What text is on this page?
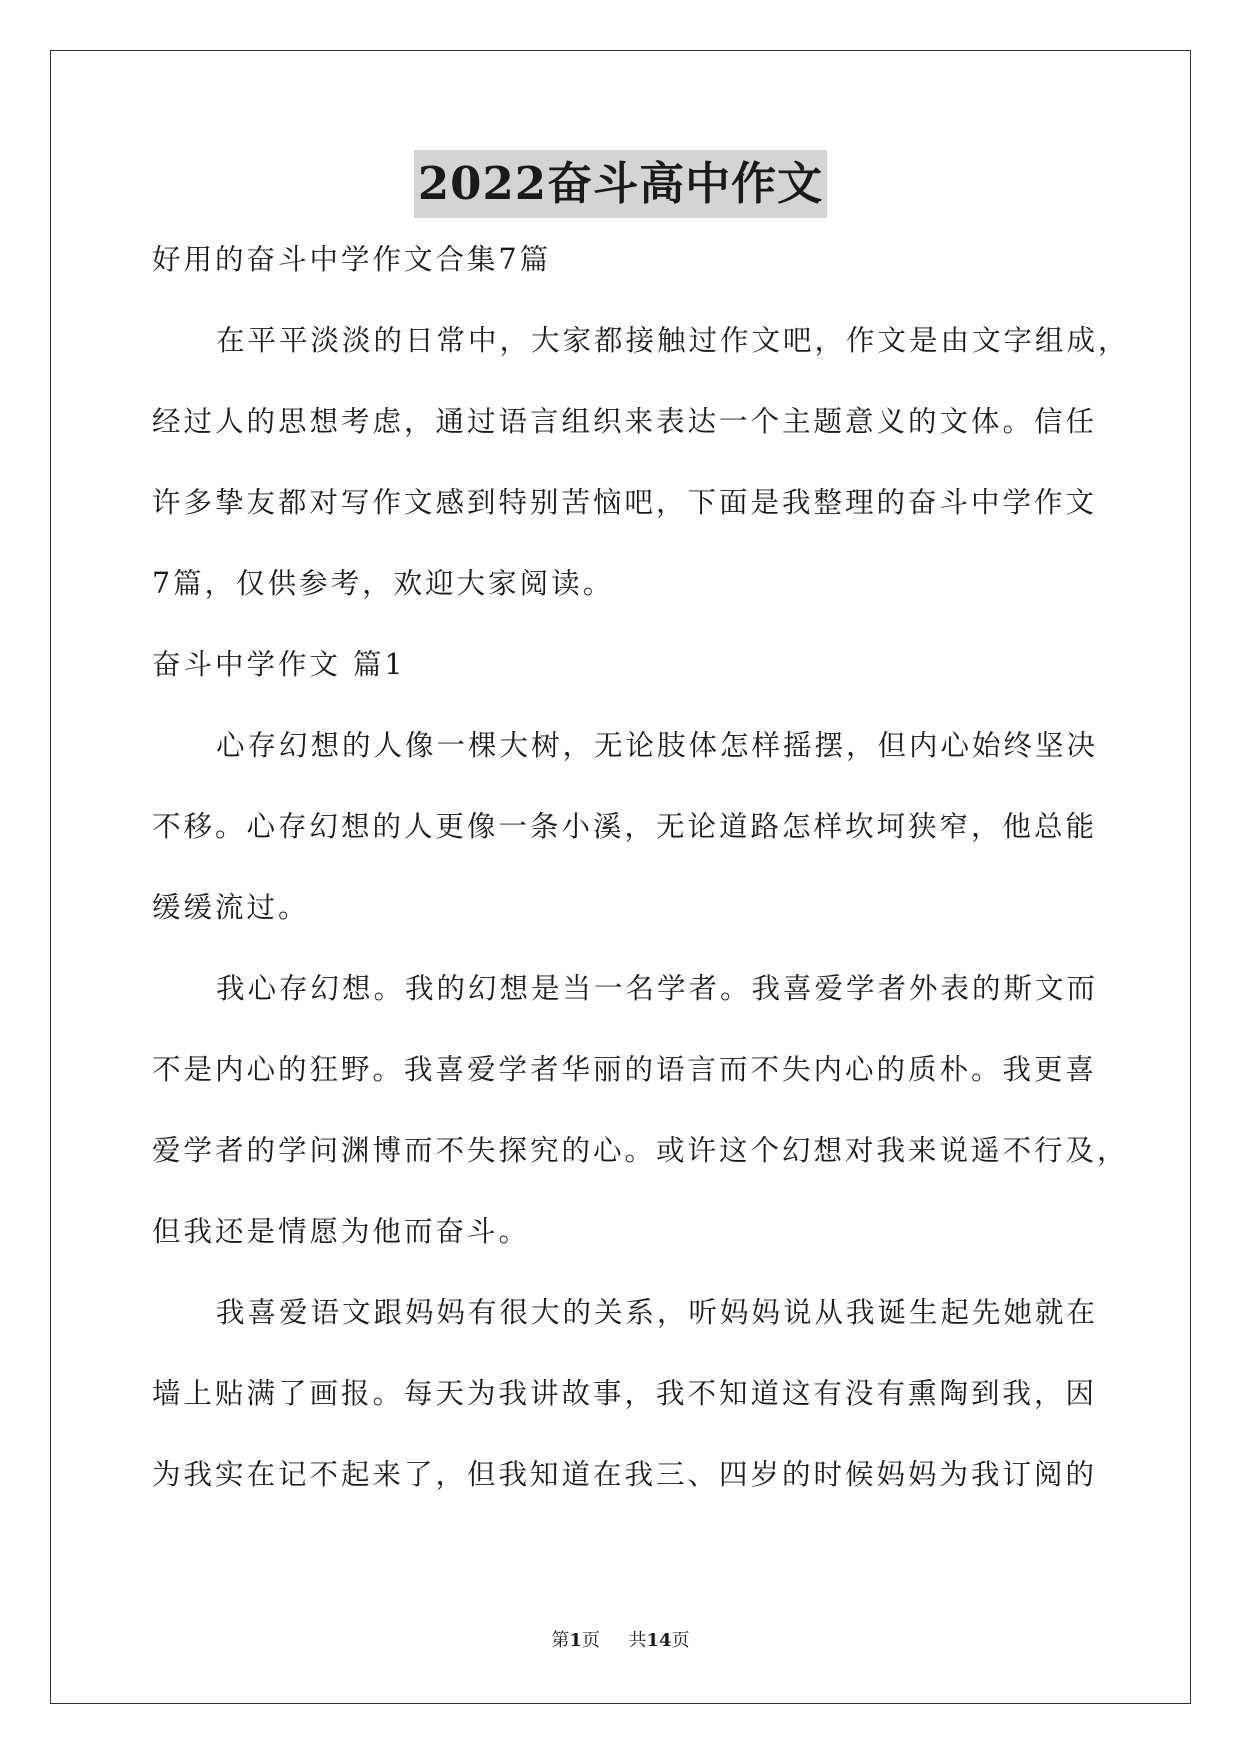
2022奋斗高中作文
好用的奋斗中学作文合集7篇
在平平淡淡的日常中，大家都接触过作文吧，作文是由文字组成，
经过人的思想考虑，通过语言组织来表达一个主题意义的文体。信任
许多挚友都对写作文感到特别苦恼吧，下面是我整理的奋斗中学作文
7篇，仅供参考，欢迎大家阅读。
奋斗中学作文 篇1
心存幻想的人像一棵大树，无论肢体怎样摇摆，但内心始终坚决
不移。心存幻想的人更像一条小溪，无论道路怎样坎坷狭窄，他总能
缓缓流过。
我心存幻想。我的幻想是当一名学者。我喜爱学者外表的斯文而
不是内心的狂野。我喜爱学者华丽的语言而不失内心的质朴。我更喜
爱学者的学问渊博而不失探究的心。或许这个幻想对我来说遥不行及，
但我还是情愿为他而奋斗。
我喜爱语文跟妈妈有很大的关系，听妈妈说从我诞生起先她就在
墙上贴满了画报。每天为我讲故事，我不知道这有没有熏陶到我，因
为我实在记不起来了，但我知道在我三、四岁的时候妈妈为我订阅的
第1页 共14页
